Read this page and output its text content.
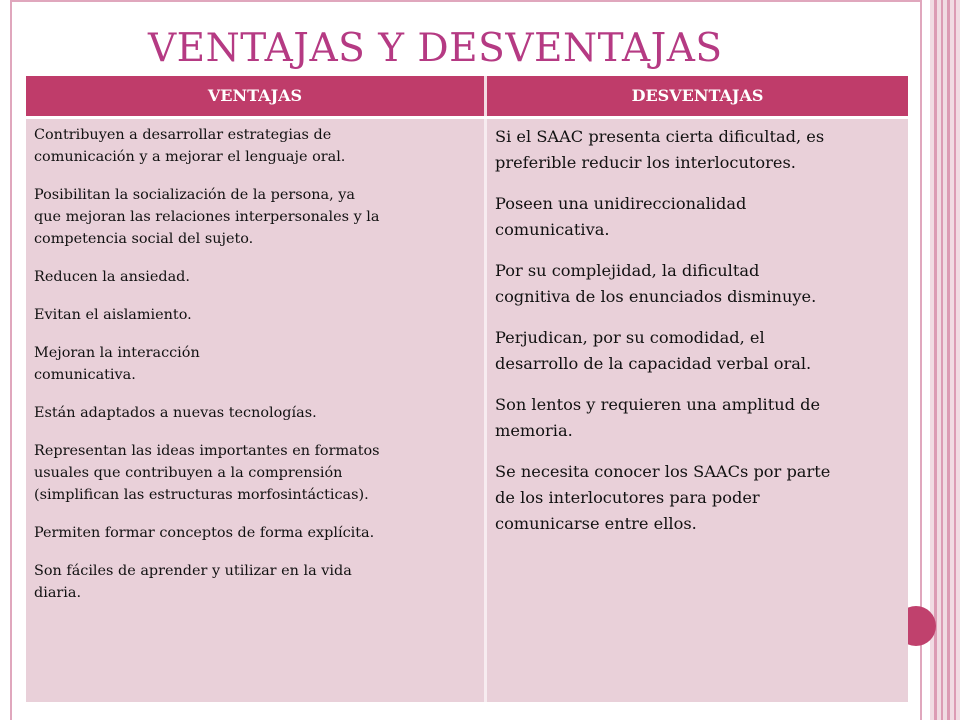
VENTAJAS Y DESVENTAJAS
VENTAJAS	DESVENTAJAS

Contribuyen a desarrollar estrategias de
comunicación y a mejorar el lenguaje oral.

Posibilitan la socialización de la persona, ya
que mejoran las relaciones interpersonales y la
competencia social del sujeto.

Reducen la ansiedad.

Evitan el aislamiento.

Mejoran la interacción
comunicativa.

Están adaptados a nuevas tecnologías.

Representan las ideas importantes en formatos
usuales que contribuyen a la comprensión
(simplifican las estructuras morfosintácticas).

Permiten formar conceptos de forma explícita.

Son fáciles de aprender y utilizar en la vida
diaria.

Si el SAAC presenta cierta dificultad, es
preferible reducir los interlocutores.

Poseen una unidireccionalidad
comunicativa.

Por su complejidad, la dificultad
cognitiva de los enunciados disminuye.

Perjudican, por su comodidad, el
desarrollo de la capacidad verbal oral.

Son lentos y requieren una amplitud de
memoria.

Se necesita conocer los SAACs por parte
de los interlocutores para poder
comunicarse entre ellos.
